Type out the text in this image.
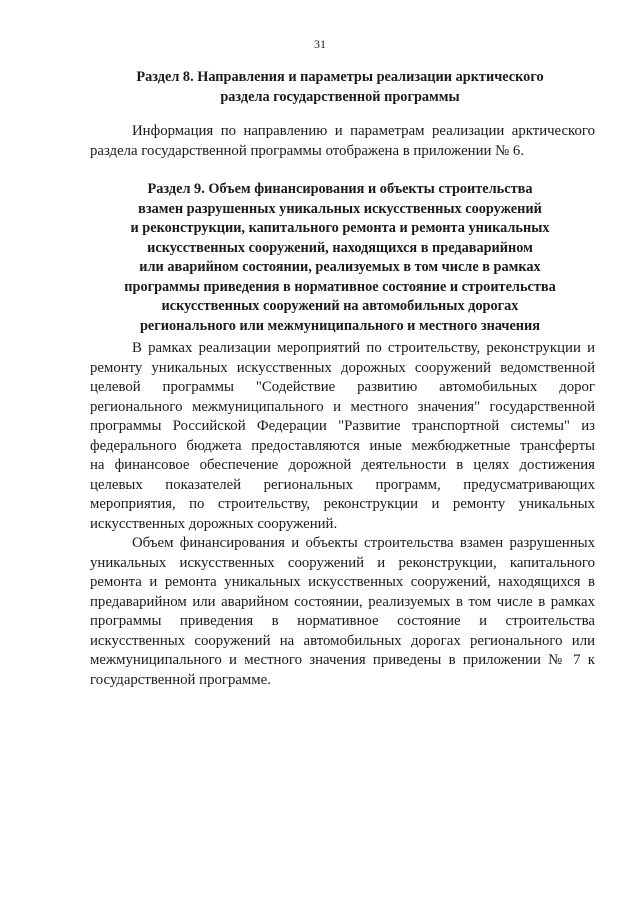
31
Раздел 8. Направления и параметры реализации арктического
раздела государственной программы
Информация по направлению и параметрам реализации арктического
раздела государственной программы отображена в приложении № 6.
Раздел 9. Объем финансирования и объекты строительства
взамен разрушенных уникальных искусственных сооружений
и реконструкции, капитального ремонта и ремонта уникальных
искусственных сооружений, находящихся в предаварийном
или аварийном состоянии, реализуемых в том числе в рамках
программы приведения в нормативное состояние и строительства
искусственных сооружений на автомобильных дорогах
регионального или межмуниципального и местного значения
В рамках реализации мероприятий по строительству, реконструкции и
ремонту уникальных искусственных дорожных сооружений ведомственной
целевой программы "Содействие развитию автомобильных дорог
регионального межмуниципального и местного значения" государственной
программы Российской Федерации "Развитие транспортной системы" из
федерального бюджета предоставляются иные межбюджетные трансферты
на финансовое обеспечение дорожной деятельности в целях достижения
целевых показателей региональных программ, предусматривающих
мероприятия, по строительству, реконструкции и ремонту уникальных
искусственных дорожных сооружений.
Объем финансирования и объекты строительства взамен разрушенных
уникальных искусственных сооружений и реконструкции, капитального
ремонта и ремонта уникальных искусственных сооружений, находящихся в
предаварийном или аварийном состоянии, реализуемых в том числе в рамках
программы приведения в нормативное состояние и строительства
искусственных сооружений на автомобильных дорогах регионального или
межмуниципального и местного значения приведены в приложении № 7 к
государственной программе.
